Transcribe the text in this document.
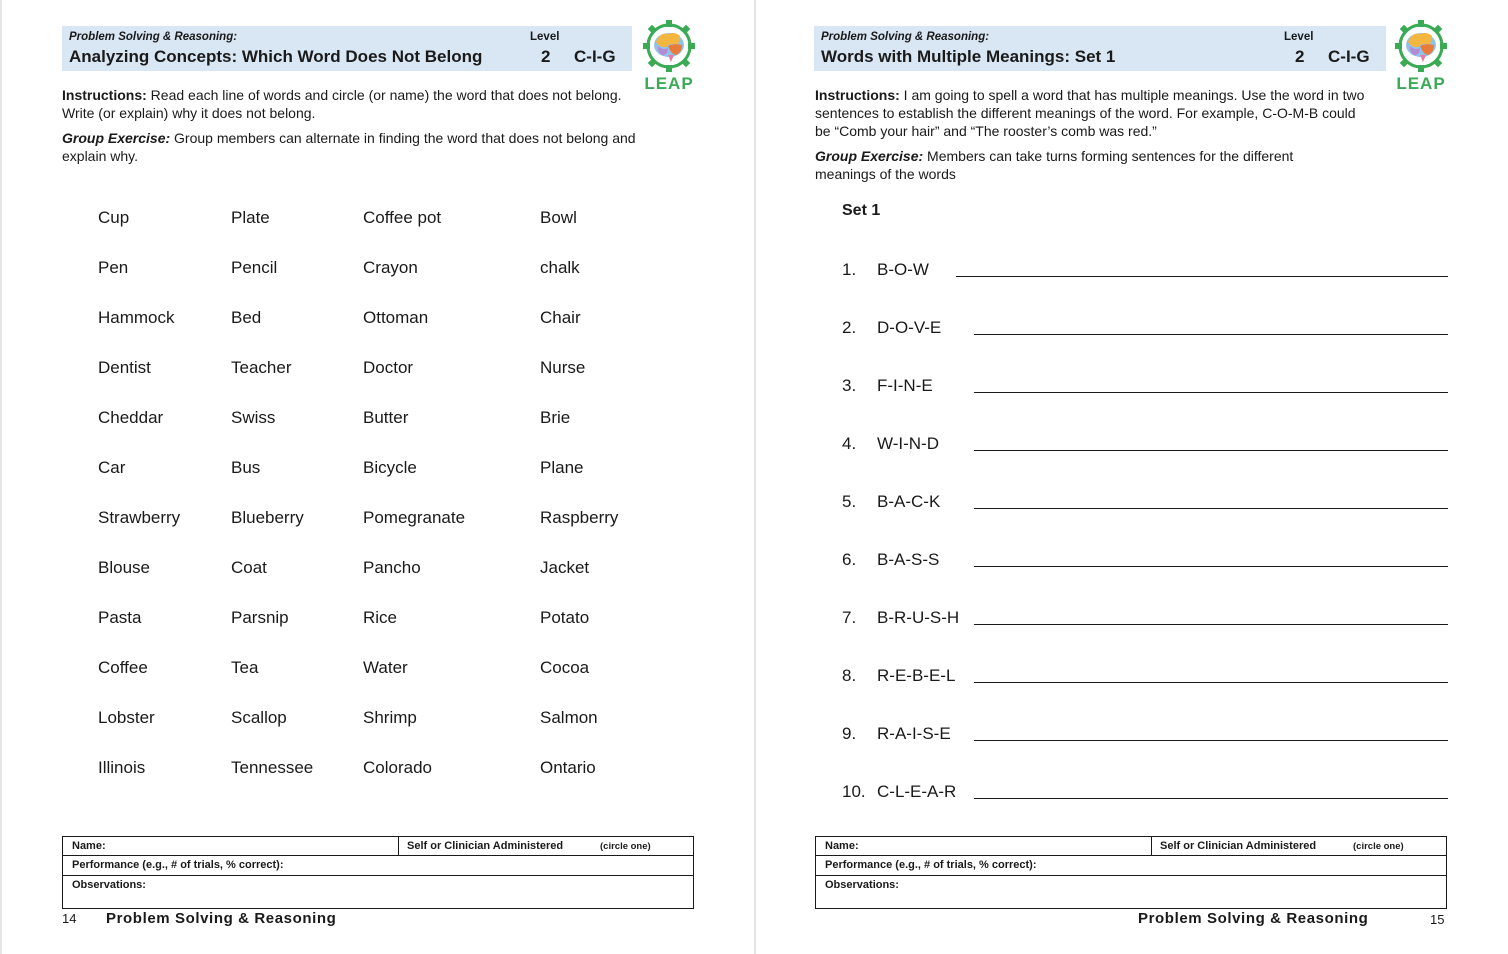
Problem Solving & Reasoning:
Analyzing Concepts: Which Word Does Not Belong
Level
2 C-I-G
LEAP
Instructions: Read each line of words and circle (or name) the word that does not belong. Write (or explain) why it does not belong.
Group Exercise: Group members can alternate in finding the word that does not belong and explain why.
Cup	Plate	Coffee pot	Bowl
Pen	Pencil	Crayon	chalk
Hammock	Bed	Ottoman	Chair
Dentist	Teacher	Doctor	Nurse
Cheddar	Swiss	Butter	Brie
Car	Bus	Bicycle	Plane
Strawberry	Blueberry	Pomegranate	Raspberry
Blouse	Coat	Pancho	Jacket
Pasta	Parsnip	Rice	Potato
Coffee	Tea	Water	Cocoa
Lobster	Scallop	Shrimp	Salmon
Illinois	Tennessee	Colorado	Ontario
Name:	Self or Clinician Administered	(circle one)
Performance (e.g., # of trials, % correct):
Observations:
14 Problem Solving & Reasoning
Problem Solving & Reasoning:
Words with Multiple Meanings: Set 1
Level
2 C-I-G
LEAP
Instructions: I am going to spell a word that has multiple meanings. Use the word in two sentences to establish the different meanings of the word. For example, C-O-M-B could be “Comb your hair” and “The rooster’s comb was red.”
Group Exercise: Members can take turns forming sentences for the different meanings of the words
Set 1
1. B-O-W
2. D-O-V-E
3. F-I-N-E
4. W-I-N-D
5. B-A-C-K
6. B-A-S-S
7. B-R-U-S-H
8. R-E-B-E-L
9. R-A-I-S-E
10. C-L-E-A-R
Name:	Self or Clinician Administered	(circle one)
Performance (e.g., # of trials, % correct):
Observations:
Problem Solving & Reasoning	15
